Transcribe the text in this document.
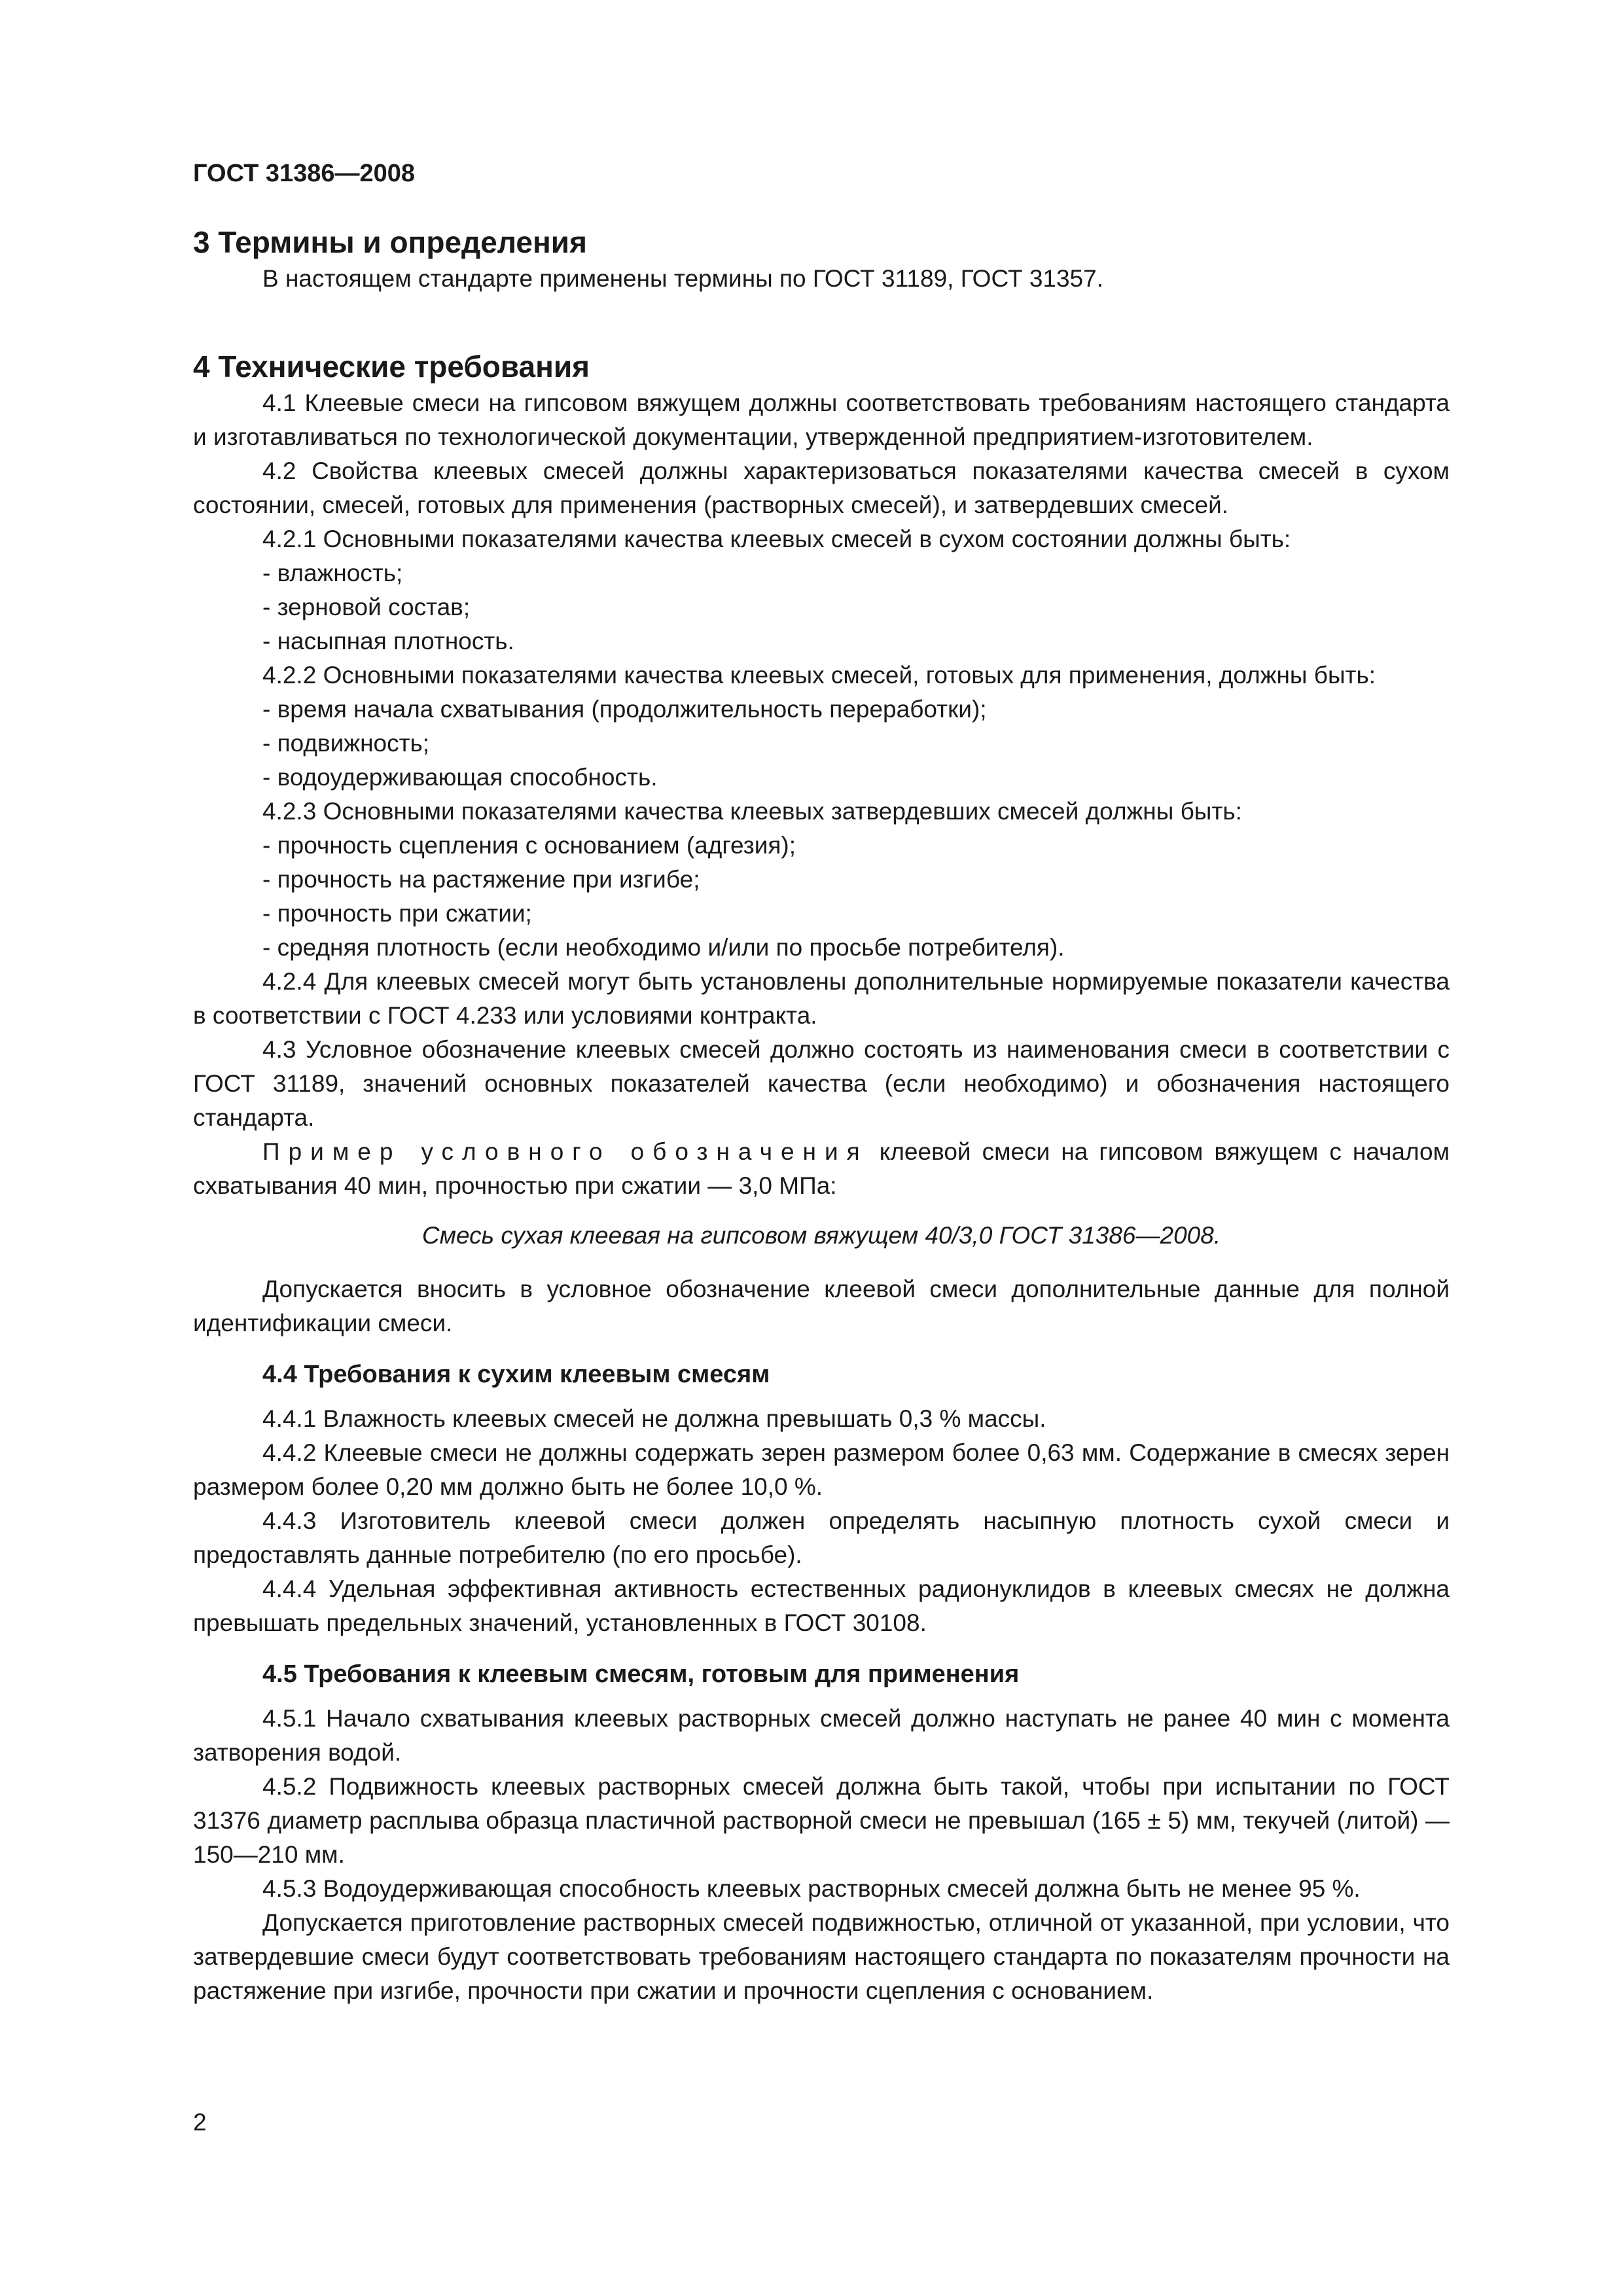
ГОСТ 31386—2008

3 Термины и определения

В настоящем стандарте применены термины по ГОСТ 31189, ГОСТ 31357.

4 Технические требования

4.1 Клеевые смеси на гипсовом вяжущем должны соответствовать требованиям настоящего стандарта и изготавливаться по технологической документации, утвержденной предприятием-изготовителем.

4.2 Свойства клеевых смесей должны характеризоваться показателями качества смесей в сухом состоянии, смесей, готовых для применения (растворных смесей), и затвердевших смесей.

4.2.1 Основными показателями качества клеевых смесей в сухом состоянии должны быть:

- влажность;

- зерновой состав;

- насыпная плотность.

4.2.2 Основными показателями качества клеевых смесей, готовых для применения, должны быть:

- время начала схватывания (продолжительность переработки);

- подвижность;

- водоудерживающая способность.

4.2.3 Основными показателями качества клеевых затвердевших смесей должны быть:

- прочность сцепления с основанием (адгезия);

- прочность на растяжение при изгибе;

- прочность при сжатии;

- средняя плотность (если необходимо и/или по просьбе потребителя).

4.2.4 Для клеевых смесей могут быть установлены дополнительные нормируемые показатели качества в соответствии с ГОСТ 4.233 или условиями контракта.

4.3 Условное обозначение клеевых смесей должно состоять из наименования смеси в соответствии с ГОСТ 31189, значений основных показателей качества (если необходимо) и обозначения настоящего стандарта.

Пример условного обозначения клеевой смеси на гипсовом вяжущем с началом схватывания 40 мин, прочностью при сжатии — 3,0 МПа:

Смесь сухая клеевая на гипсовом вяжущем 40/3,0 ГОСТ 31386—2008.

Допускается вносить в условное обозначение клеевой смеси дополнительные данные для полной идентификации смеси.

4.4 Требования к сухим клеевым смесям

4.4.1 Влажность клеевых смесей не должна превышать 0,3 % массы.

4.4.2 Клеевые смеси не должны содержать зерен размером более 0,63 мм. Содержание в смесях зерен размером более 0,20 мм должно быть не более 10,0 %.

4.4.3 Изготовитель клеевой смеси должен определять насыпную плотность сухой смеси и предоставлять данные потребителю (по его просьбе).

4.4.4 Удельная эффективная активность естественных радионуклидов в клеевых смесях не должна превышать предельных значений, установленных в ГОСТ 30108.

4.5 Требования к клеевым смесям, готовым для применения

4.5.1 Начало схватывания клеевых растворных смесей должно наступать не ранее 40 мин с момента затворения водой.

4.5.2 Подвижность клеевых растворных смесей должна быть такой, чтобы при испытании по ГОСТ 31376 диаметр расплыва образца пластичной растворной смеси не превышал (165 ± 5) мм, текучей (литой) — 150—210 мм.

4.5.3 Водоудерживающая способность клеевых растворных смесей должна быть не менее 95 %.

Допускается приготовление растворных смесей подвижностью, отличной от указанной, при условии, что затвердевшие смеси будут соответствовать требованиям настоящего стандарта по показателям прочности на растяжение при изгибе, прочности при сжатии и прочности сцепления с основанием.

2
